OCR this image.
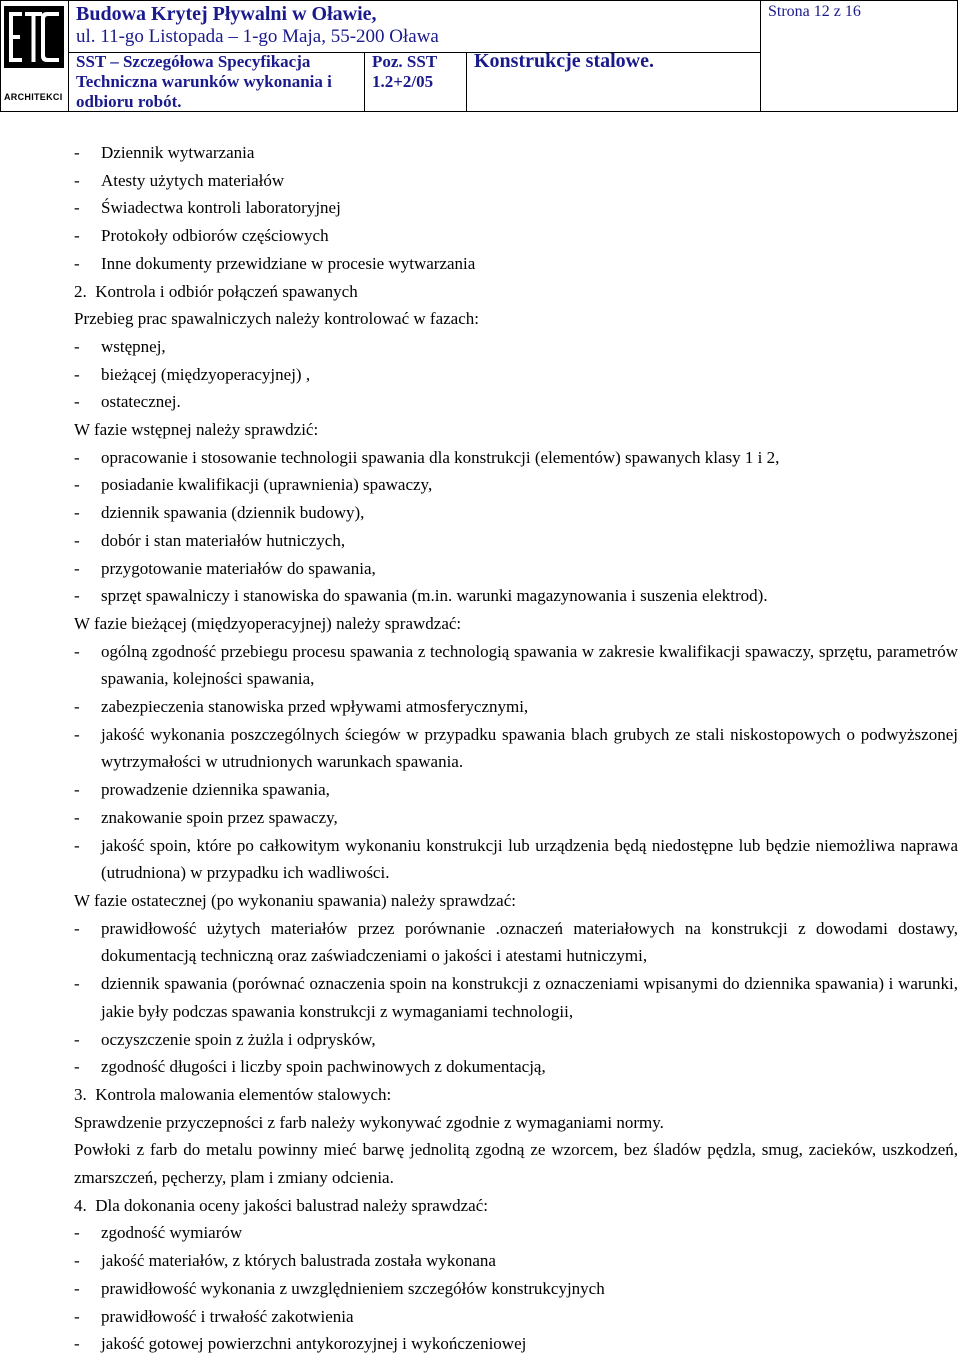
ARCHITEKCI
Budowa Krytej Pływalni w Oławie,
ul. 11-go Listopada – 1-go Maja, 55-200 Oława
SST – Szczegółowa Specyfikacja
Techniczna warunków wykonania i
odbioru robót.
Poz. SST
1.2+2/05
Konstrukcje stalowe.
Strona 12 z 16

- Dziennik wytwarzania

- Atesty użytych materiałów

- Świadectwa kontroli laboratoryjnej

- Protokoły odbiorów częściowych

- Inne dokumenty przewidziane w procesie wytwarzania

2.  Kontrola i odbiór połączeń spawanych

Przebieg prac spawalniczych należy kontrolować w fazach:

- wstępnej,

- bieżącej (międzyoperacyjnej) ,

- ostatecznej.

W fazie wstępnej należy sprawdzić:

- opracowanie i stosowanie technologii spawania dla konstrukcji (elementów) spawanych klasy 1 i 2,

- posiadanie kwalifikacji (uprawnienia) spawaczy,

- dziennik spawania (dziennik budowy),

- dobór i stan materiałów hutniczych,

- przygotowanie materiałów do spawania,

- sprzęt spawalniczy i stanowiska do spawania (m.in. warunki magazynowania i suszenia elektrod).

W fazie bieżącej (międzyoperacyjnej) należy sprawdzać:

- ogólną zgodność przebiegu procesu spawania z technologią spawania w zakresie kwalifikacji spawaczy, sprzętu, parametrów spawania, kolejności spawania,

- zabezpieczenia stanowiska przed wpływami atmosferycznymi,

- jakość wykonania poszczególnych ściegów w przypadku spawania blach grubych ze stali niskostopowych o podwyższonej wytrzymałości w utrudnionych warunkach spawania.

- prowadzenie dziennika spawania,

- znakowanie spoin przez spawaczy,

- jakość spoin, które po całkowitym wykonaniu konstrukcji lub urządzenia będą niedostępne lub będzie niemożliwa naprawa (utrudniona) w przypadku ich wadliwości.

W fazie ostatecznej (po wykonaniu spawania) należy sprawdzać:

- prawidłowość użytych materiałów przez porównanie .oznaczeń materiałowych na konstrukcji z dowodami dostawy, dokumentacją techniczną oraz zaświadczeniami o jakości i atestami hutniczymi,

- dziennik spawania (porównać oznaczenia spoin na konstrukcji z oznaczeniami wpisanymi do dziennika spawania) i warunki, jakie były podczas spawania konstrukcji z wymaganiami technologii,

- oczyszczenie spoin z żużla i odprysków,

- zgodność długości i liczby spoin pachwinowych z dokumentacją,

3.  Kontrola malowania elementów stalowych:

Sprawdzenie przyczepności z farb należy wykonywać zgodnie z wymaganiami normy.

Powłoki z farb do metalu powinny mieć barwę jednolitą zgodną ze wzorcem, bez śladów pędzla, smug, zacieków, uszkodzeń, zmarszczeń, pęcherzy, plam i zmiany odcienia.

4.  Dla dokonania oceny jakości balustrad należy sprawdzać:

- zgodność wymiarów

- jakość materiałów, z których balustrada została wykonana

- prawidłowość wykonania z uwzględnieniem szczegółów konstrukcyjnych

- prawidłowość i trwałość zakotwienia

- jakość gotowej powierzchni antykorozyjnej i wykończeniowej
